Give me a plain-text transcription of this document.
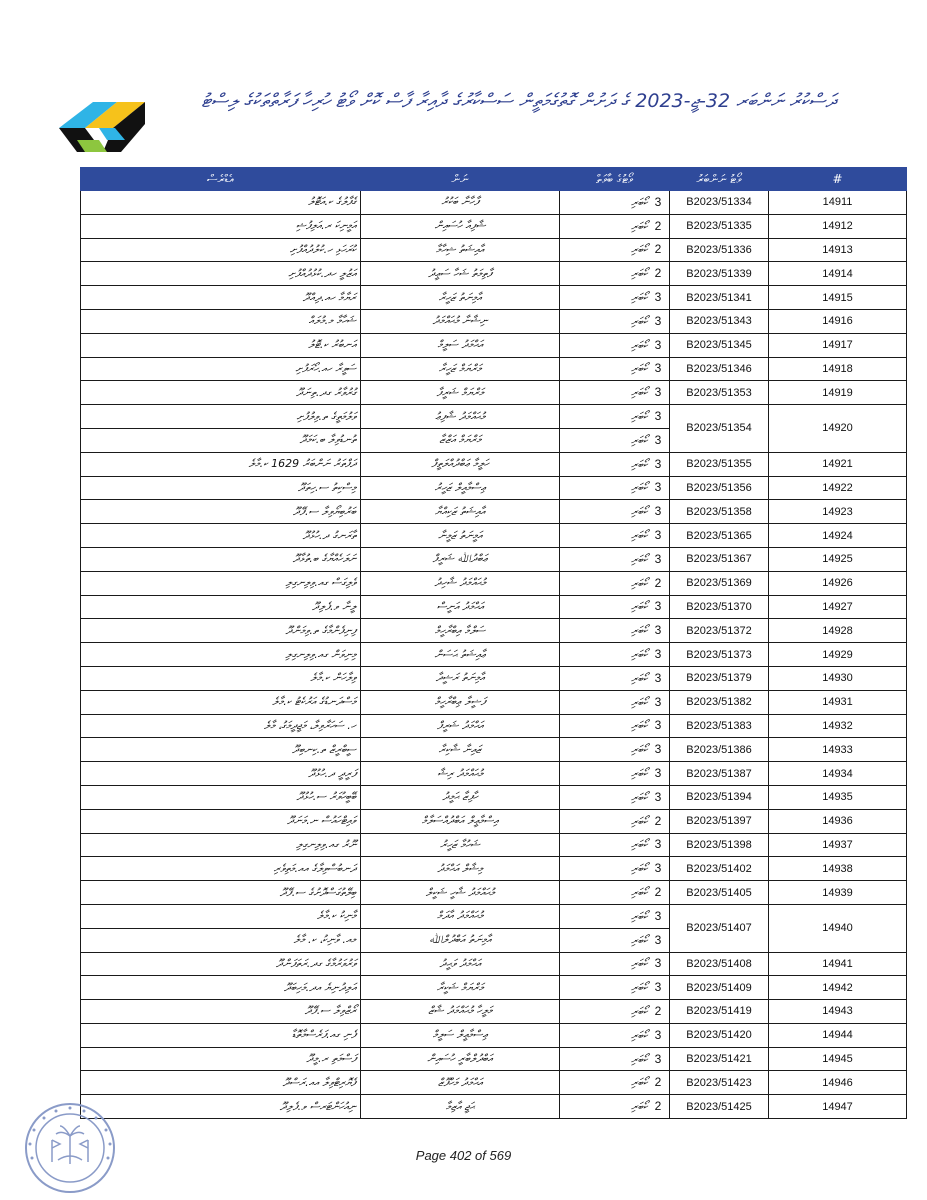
ދަސްކުރު ނަންބަރ 32-ޖީ-2023 ގެ ދަށުން ގޮތުގެމަތީން ސަސްކާރުގެ ދާއިރާ ފާސް ކޮށް ވޯޓު ހުރިހާ ފަރާތްތަކުގެ ލިސްޓު
#	ވޯޓު ނަންބަރު	ވޯޓުގެ ބާވަތް	ނަން	އެޑްރެސް
14911	B2023/51334	3 ކޯބަރި	ފާހާނާ ބަކުރު	ގެފާލުގެ ކ.އަޓޮލު
14912	B2023/51335	2 ކޯބަރި	ޝާފިއާ ހުސައިން	އަމީނިކަ ރ.އަލިފުޝި
14913	B2023/51336	2 ކޯބަރި	އާއިޝަތު ޝިހާމާ	ކުރަހަޅި ހ.ކުލުދުއްފުށި
14914	B2023/51339	2 ކޯބަރި	ފާތިމަތު ޝަހާ ސަޢީދު	އަޒުލީ ހދ.ކުޅުދުއްފުށި
14915	B2023/51341	3 ކޯބަރި	އާމިނަތު ޒަހީރާ	ރަޔާމާ ހއ.ދިއްދޫ
14916	B2023/51343	3 ކޯބަރި	ނިޝާނާ މުޙައްމަދު	ޝަހާމާ މ.މުލައް
14917	B2023/51345	3 ކޯބަރި	އަޙްމަދު ސަލީމް	އަނބުރު ކ.ޓޮލު
14918	B2023/51346	3 ކޯބަރި	މަރްޔަމް ޒަހީރާ	ސަވީރާ ހއ.ހޯރަފުށި
14919	B2023/51353	3 ކޯބަރި	މަރްޔަމް ޝަރީފާ	ގުރުވާރު ގދ.ތިނަދޫ
14920	B2023/51354	3 ކޯބަރި	މުޙައްމަދު ޝާފިޢު	ވަލުމަތީގެ ތ.ވިލުފުށި
		3 ކޯބަރި	މަރްޔަމް އަޒްޒާ	ތުނޑުވިލާ ބ.ކަމަދޫ
14921	B2023/51355	3 ކޯބަރި	ހަލީމާ ޢަބްދުއްލަތީފް	ދަފްތަރު ނަންބަރު 1629 ކ.މާލެ
14922	B2023/51356	3 ކޯބަރި	ޢިސްމާއީލް ޒަހީރު	މިސްކިތު ސ.ހިތަދޫ
14923	B2023/51358	3 ކޯބަރި	އާއިޝަތު ޒަކިއްޔާ	ބަރުބިޔޯވިލާ ސ.ފޭދޫ
14924	B2023/51365	3 ކޯބަރި	އަމީނަތު ޒަމީނާ	ތާރަނގު ދ.ހުޅުދޫ
14925	B2023/51367	3 ކޯބަރި	ޢަބްދުﷲ ޝަރީފް	ނަލަހެއްޔާގެ ބ.ތުޅާދޫ
14926	B2023/51369	2 ކޯބަރި	މުޙައްމަދު ޝާހިދު	ވެލިގަސް ގއ.ވިލިނގިލި
14927	B2023/51370	3 ކޯބަރި	އަޙްމަދު އަނީސް	ލީނާ ވ.ފެލިދޫ
14928	B2023/51372	3 ކޯބަރި	ސަލްމާ އިބްރާހީމް	ފިނިފެންމާގެ ތ.ވިމަންދޫ
14929	B2023/51373	3 ކޯބަރި	ޢާއިޝަތު ޙަސަން	މިނިވަން ގއ.ވިލިނގިލި
14930	B2023/51379	3 ކޯބަރި	އާމިނަތު ރަޝީދާ	ވިލާހަން ކ.މާލެ
14931	B2023/51382	3 ކޯބަރި	ފަޟީލާ ޢިބްރާހީމް	މަސްދަނޑުގެ އަރުކެޓު ކ.މާލެ
14932	B2023/51383	3 ކޯބަރި	އަޙްމަދު ޝަރީފް	ހ. ސަހަރާވިލާ، މަޖީދީމަގު، މާލެ
14933	B2023/51386	3 ކޯބަރި	ޒައިނާ ޝާކިރާ	ސީބްރީޒް ތ.ކިނބިދޫ
14934	B2023/51387	3 ކޯބަރި	މުޙައްމަދު ރިޝާ	ފަރީދީ ދ.ހުޅުދޫ
14935	B2023/51394	3 ކޯބަރި	ހާފިޒާ ޙަމީދު	ބޭބީހުވަރު ސ.ހުޅުދޫ
14936	B2023/51397	2 ކޯބަރި	އިސްމާޢީލް އަބްދުއްސަލާމް	ވައިޓްހައުސް ނ.މަނަދޫ
14937	B2023/51398	3 ކޯބަރި	ޝަހުމާ ޒަހީރު	ނޫރު ގއ.ވިލިނގިލި
14938	B2023/51402	3 ކޯބަރި	މިޝާލް އަޙްމަދު	ދަނބުސްވިލާގެ އއ.މަތިވެރި
14939	B2023/51405	2 ކޯބަރި	މުޙައްމަދު ޝާހީ ޝަކީލް	ބިލޭތުގަސްދޮށުގެ ސ.ފޭދޫ
14940	B2023/51407	3 ކޯބަރި	މުޙައްމަދު އާދަމް	މާނިކު ކ.މާލެ
		3 ކޯބަރި	އާމިނަތު އަބްދުލްﷲ	މއ. ވާނިކު، ކ. މާލެ
14941	B2023/51408	3 ކޯބަރި	އަޙްމަދު ވަޙީދު	ވަރުވަރުމާގެ ގދ.ރަތަފަންދޫ
14942	B2023/51409	3 ކޯބަރި	މަރްޔަމް ޝަކީރާ	އަލިދުނިޔެ އދ.މަހިބަދޫ
14943	B2023/51419	2 ކޯބަރި	މަލީހާ މުޙައްމަދު ޝާޒް	ރޯޒްވިލާ ސ.ފޭދޫ
14944	B2023/51420	3 ކޯބަރި	ޢިސްމާޢީލް ސަލީމް	ފެނި ގއ.ފަރެސްމާތޮޑާ
14945	B2023/51421	3 ކޯބަރި	އަބްދުލްބާރީ ހުސައިން	ފަސްމަތި ރ.މީދޫ
14946	B2023/51423	2 ކޯބަރި	އަޙްމަދު މަހްފޫޒް	ފެޔޮރިޓްވިލާ އއ.ރަސްދޫ
14947	B2023/51425	2 ކޯބަރި	ޙަޖީ އާޒިމާ	ނިއުހަންޓަރސް ވ.ފެލިދޫ
Page 402 of 569
